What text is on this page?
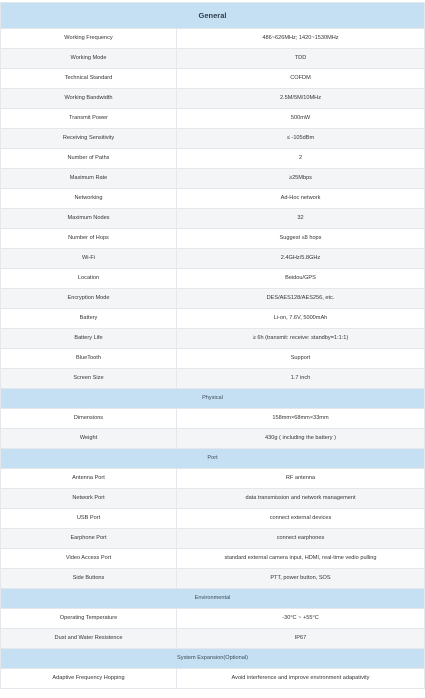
General	
Working Frequency	486~626MHz; 1420~1530MHz
Working Mode	TDD
Technical Standard	COFDM
Working Bandwidth	2.5M/5M/10MHz
Transmit Power	500mW
Receiving Sensitivity	≤ -105dBm
Number of Paths	2
Maximum Rate	≥25Mbps
Networking	Ad-Hoc network
Maximum Nodes	32
Number of Hops	Suggest ≤8 hops
Wi-Fi	2.4GHz/5.8GHz
Location	Beidou/GPS
Encryption Mode	DES/AES128/AES256, etc.
Battery	Li-on, 7.6V, 5000mAh
Battery Life	≥ 6h (transmit: receive: standby=1:1:1)
BlueTooth	Support
Screen Size	1.7 inch
Physical	
Dimensions	158mm×68mm×33mm
Weight	430g ( including the battery )
Port	
Antenna Port	RF antenna
Network Port	data transmission and network management
USB Port	connect external devices
Earphone Port	connect earphones
Video Access Port	standard external camera input, HDMI, real-time vedio pulling
Side Buttons	PTT, power button, SOS
Environmental	
Operating Temperature	-30°C ~ +55°C
Dust and Water Resistence	IP67
System Expansion(Optional)	
Adaptive Frequency Hopping	Avoid interference and improve environment adapativity
